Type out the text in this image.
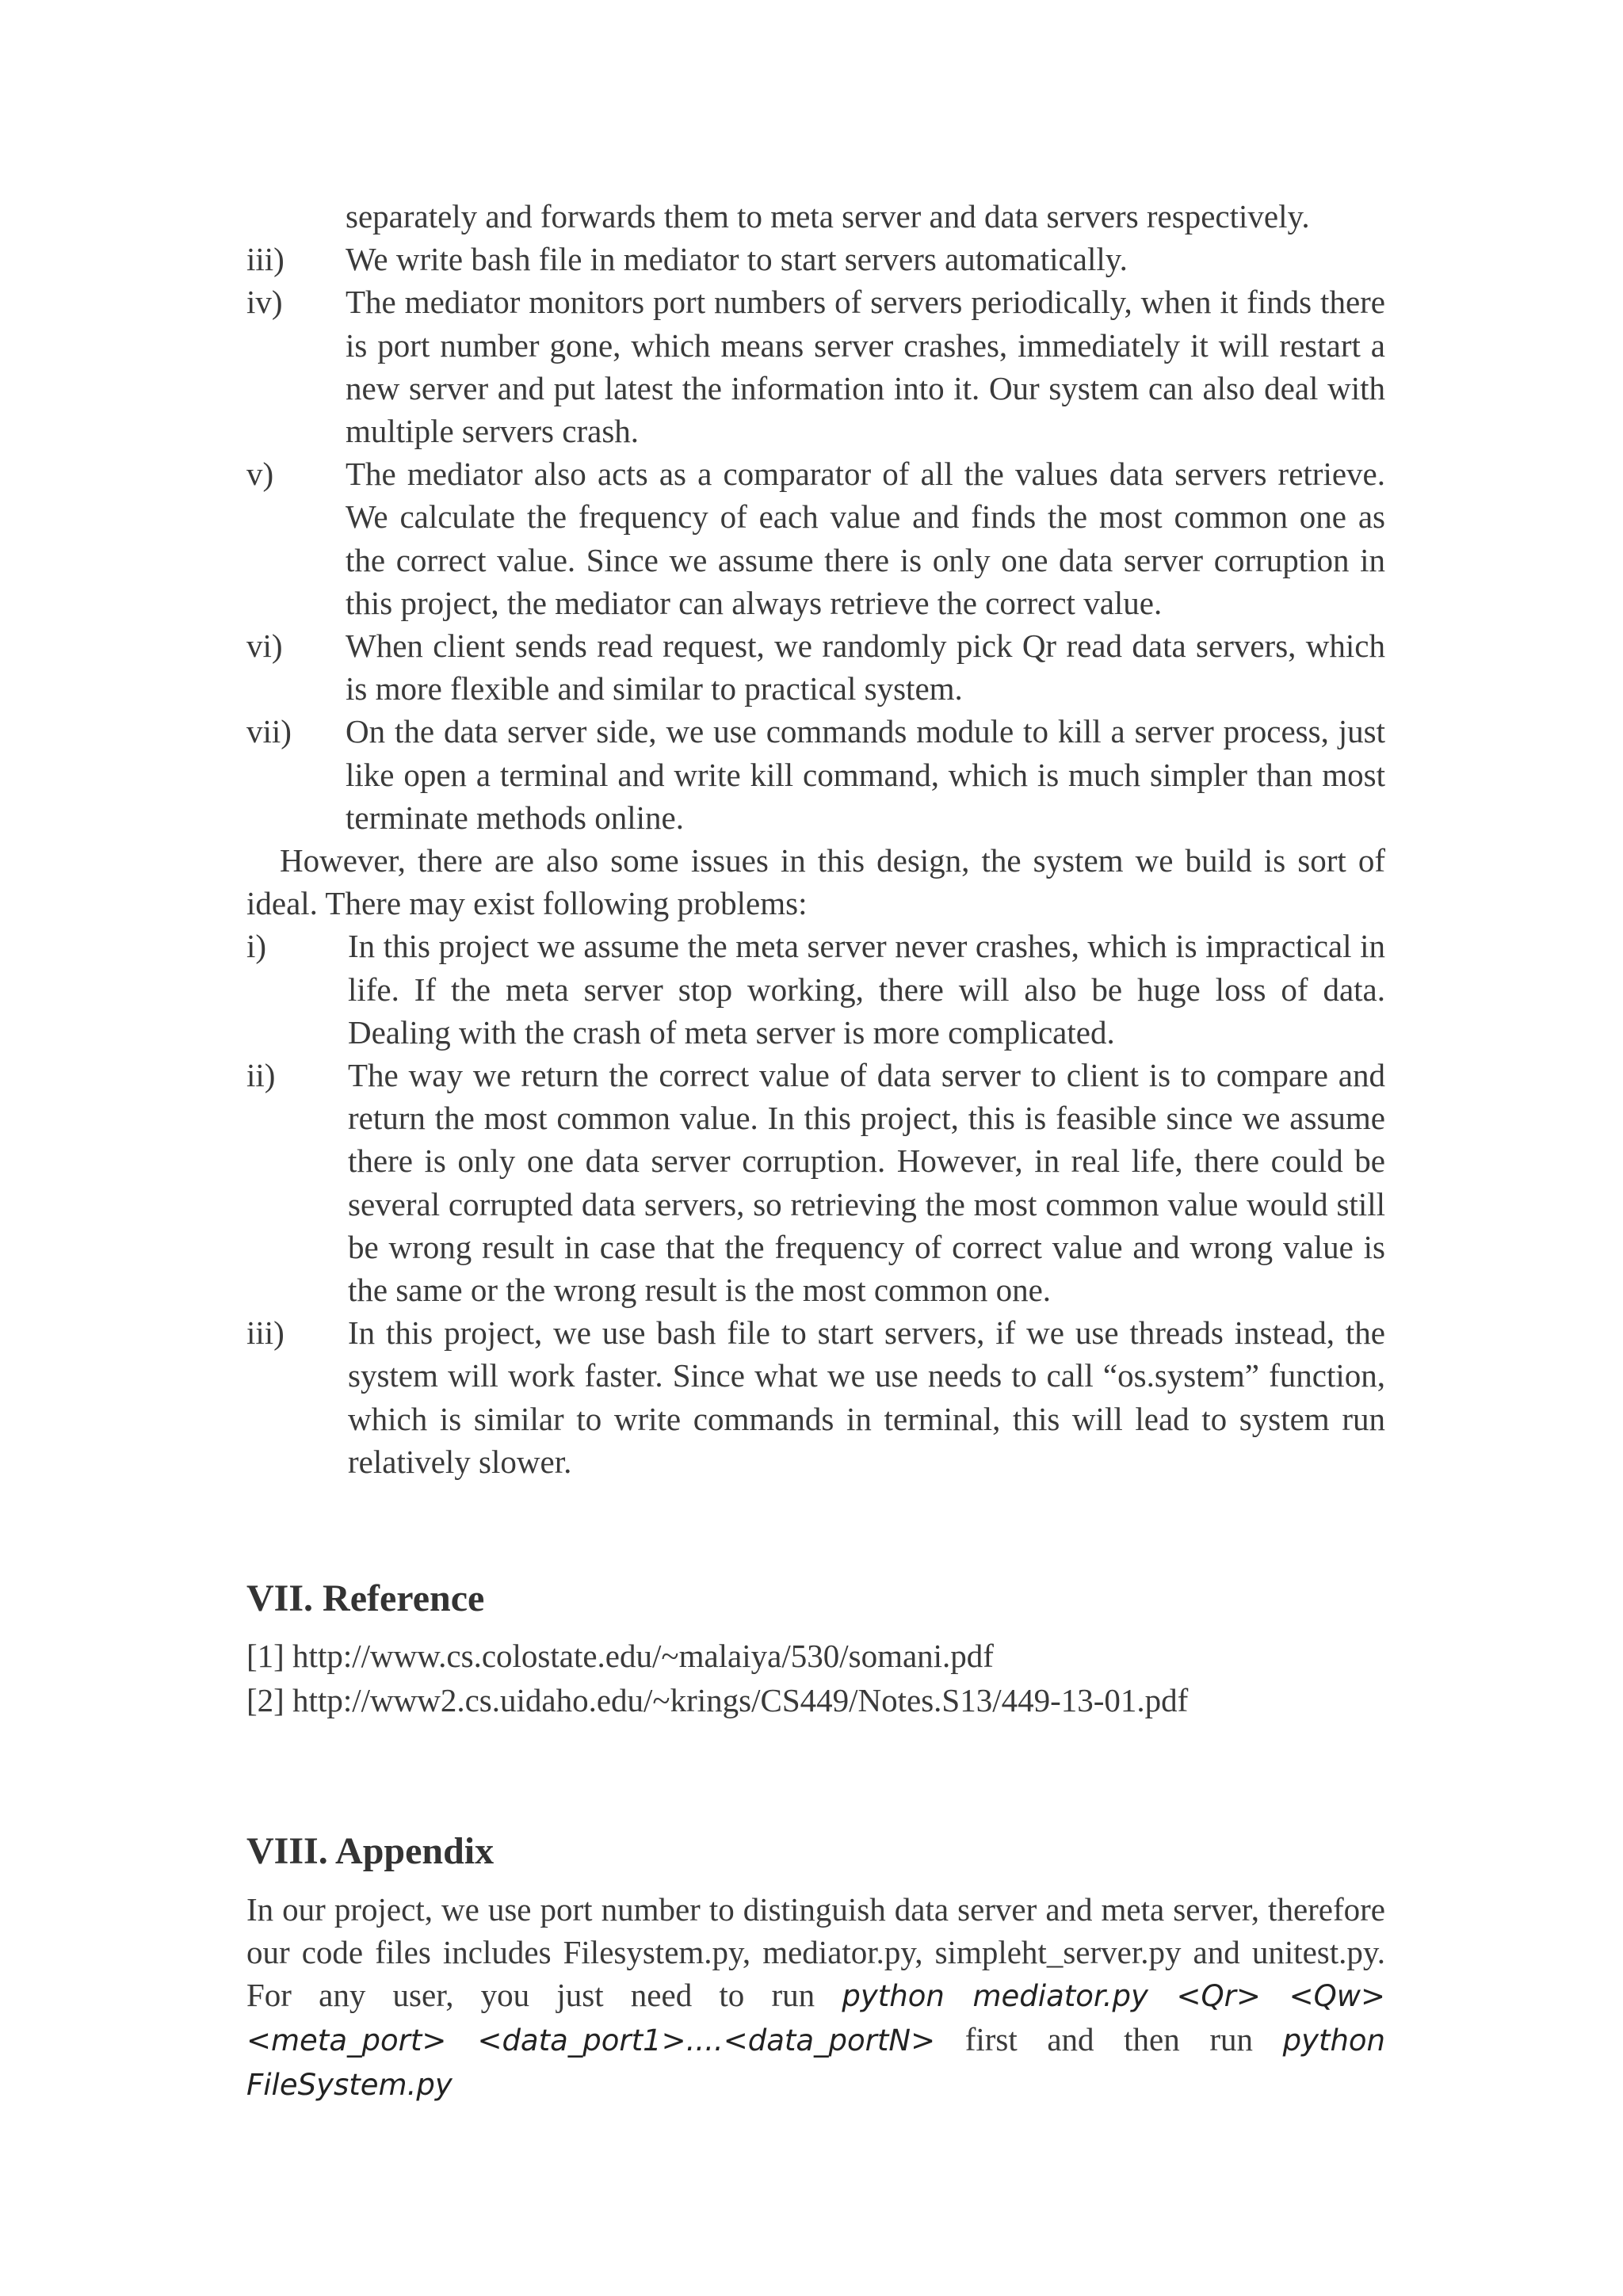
separately and forwards them to meta server and data servers respectively.

iii)	We write bash file in mediator to start servers automatically.

iv)	The mediator monitors port numbers of servers periodically, when it finds there is port number gone, which means server crashes, immediately it will restart a new server and put latest the information into it. Our system can also deal with multiple servers crash.

v)	The mediator also acts as a comparator of all the values data servers retrieve. We calculate the frequency of each value and finds the most common one as the correct value. Since we assume there is only one data server corruption in this project, the mediator can always retrieve the correct value.

vi)	When client sends read request, we randomly pick Qr read data servers, which is more flexible and similar to practical system.

vii)	On the data server side, we use commands module to kill a server process, just like open a terminal and write kill command, which is much simpler than most terminate methods online.

However, there are also some issues in this design, the system we build is sort of ideal. There may exist following problems:

i)	In this project we assume the meta server never crashes, which is impractical in life. If the meta server stop working, there will also be huge loss of data. Dealing with the crash of meta server is more complicated.

ii)	The way we return the correct value of data server to client is to compare and return the most common value. In this project, this is feasible since we assume there is only one data server corruption. However, in real life, there could be several corrupted data servers, so retrieving the most common value would still be wrong result in case that the frequency of correct value and wrong value is the same or the wrong result is the most common one.

iii)	In this project, we use bash file to start servers, if we use threads instead, the system will work faster. Since what we use needs to call “os.system” function, which is similar to write commands in terminal, this will lead to system run relatively slower.

VII. Reference

[1] http://www.cs.colostate.edu/~malaiya/530/somani.pdf

[2] http://www2.cs.uidaho.edu/~krings/CS449/Notes.S13/449-13-01.pdf

VIII. Appendix

In our project, we use port number to distinguish data server and meta server, therefore our code files includes Filesystem.py, mediator.py, simpleht_server.py and unitest.py. For any user, you just need to run python mediator.py <Qr> <Qw> <meta_port> <data_port1>....<data_portN> first and then run python FileSystem.py
